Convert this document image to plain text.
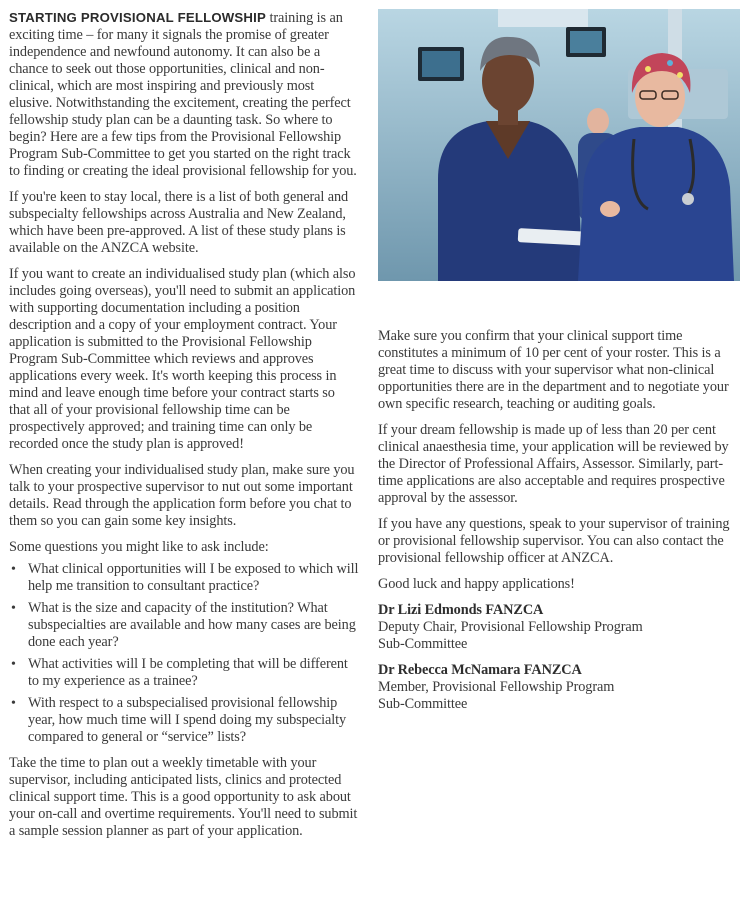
STARTING PROVISIONAL FELLOWSHIP training is an exciting time – for many it signals the promise of greater independence and newfound autonomy. It can also be a chance to seek out those opportunities, clinical and non-clinical, which are most inspiring and previously most elusive. Notwithstanding the excitement, creating the perfect fellowship study plan can be a daunting task. So where to begin? Here are a few tips from the Provisional Fellowship Program Sub-Committee to get you started on the right track to finding or creating the ideal provisional fellowship for you.

If you're keen to stay local, there is a list of both general and subspecialty fellowships across Australia and New Zealand, which have been pre-approved. A list of these study plans is available on the ANZCA website.

If you want to create an individualised study plan (which also includes going overseas), you'll need to submit an application with supporting documentation including a position description and a copy of your employment contract. Your application is submitted to the Provisional Fellowship Program Sub-Committee which reviews and approves applications every week. It's worth keeping this process in mind and leave enough time before your contract starts so that all of your provisional fellowship time can be prospectively approved; and training time can only be recorded once the study plan is approved!

When creating your individualised study plan, make sure you talk to your prospective supervisor to nut out some important details. Read through the application form before you chat to them so you can gain some key insights.

Some questions you might like to ask include:

• What clinical opportunities will I be exposed to which will help me transition to consultant practice?
• What is the size and capacity of the institution? What subspecialties are available and how many cases are being done each year?
• What activities will I be completing that will be different to my experience as a trainee?
• With respect to a subspecialised provisional fellowship year, how much time will I spend doing my subspecialty compared to general or “service” lists?

Take the time to plan out a weekly timetable with your supervisor, including anticipated lists, clinics and protected clinical support time. This is a good opportunity to ask about your on-call and overtime requirements. You'll need to submit a sample session planner as part of your application.

Make sure you confirm that your clinical support time constitutes a minimum of 10 per cent of your roster. This is a great time to discuss with your supervisor what non-clinical opportunities there are in the department and to negotiate your own specific research, teaching or auditing goals.

If your dream fellowship is made up of less than 20 per cent clinical anaesthesia time, your application will be reviewed by the Director of Professional Affairs, Assessor. Similarly, part-time applications are also acceptable and requires prospective approval by the assessor.

If you have any questions, speak to your supervisor of training or provisional fellowship supervisor. You can also contact the provisional fellowship officer at ANZCA.

Good luck and happy applications!

Dr Lizi Edmonds FANZCA
Deputy Chair, Provisional Fellowship Program
Sub-Committee
Dr Rebecca McNamara FANZCA
Member, Provisional Fellowship Program
Sub-Committee
